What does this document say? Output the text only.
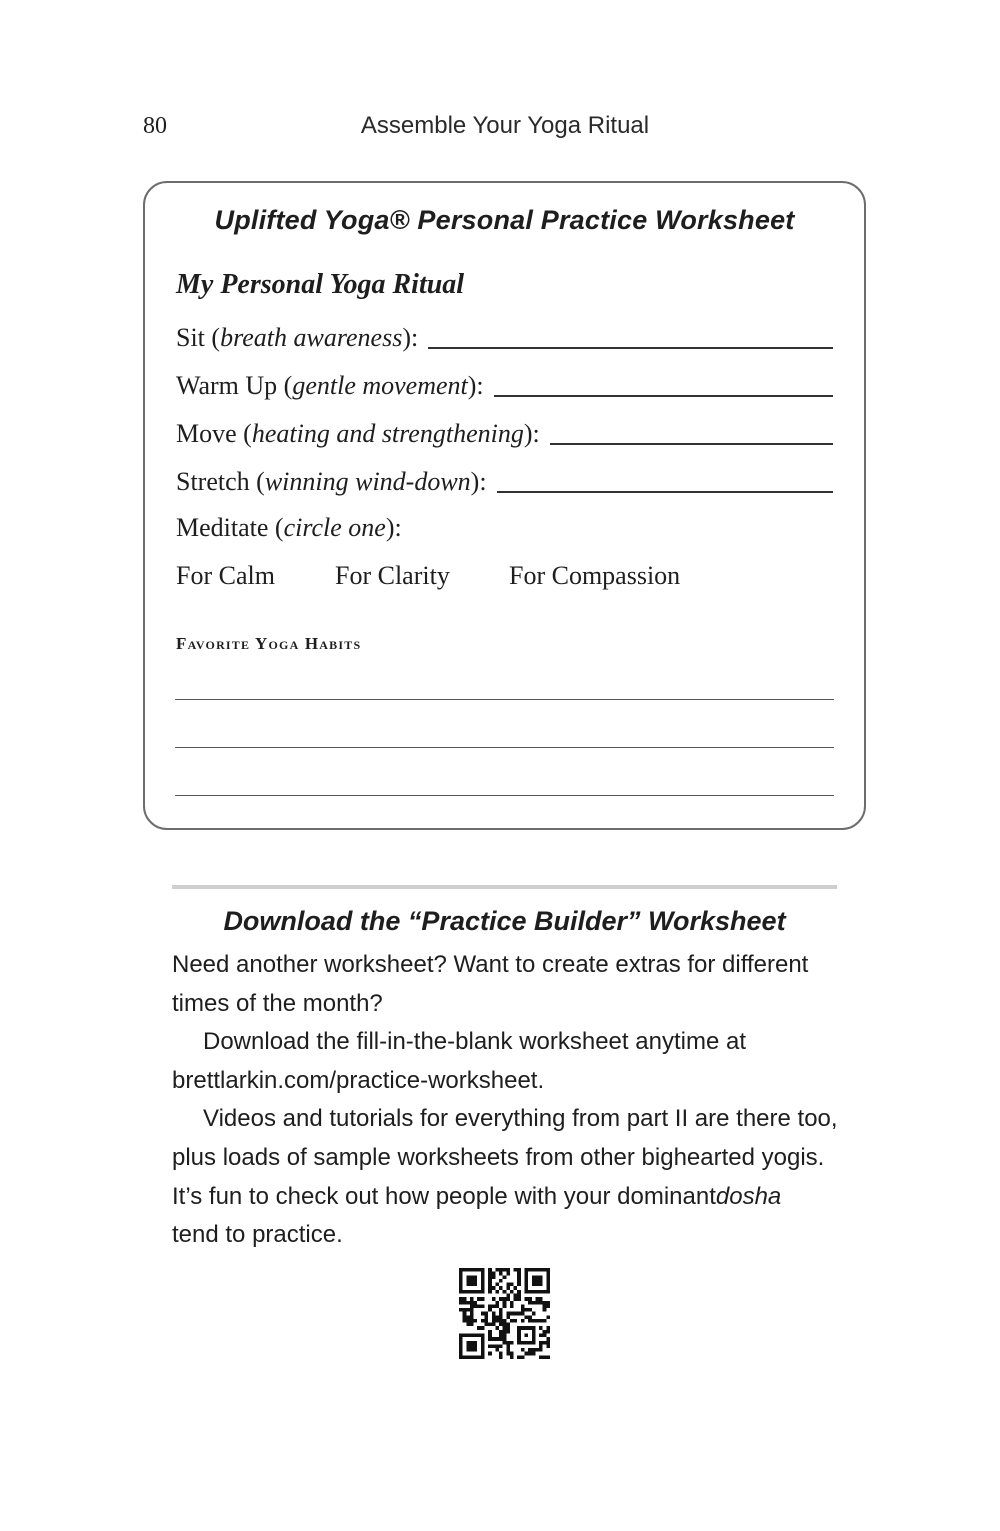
80	Assemble Your Yoga Ritual
Uplifted Yoga® Personal Practice Worksheet
My Personal Yoga Ritual
Sit (breath awareness):
Warm Up (gentle movement):
Move (heating and strengthening):
Stretch (winning wind-down):
Meditate (circle one):
For Calm For Clarity For Compassion
Favorite Yoga Habits
Download the “Practice Builder” Worksheet
Need another worksheet? Want to create extras for different
times of the month?
Download the fill-in-the-blank worksheet anytime at
brettlarkin.com/practice-worksheet.
Videos and tutorials for everything from part II are there too,
plus loads of sample worksheets from other bighearted yogis.
It’s fun to check out how people with your dominantdosha
tend to practice.
